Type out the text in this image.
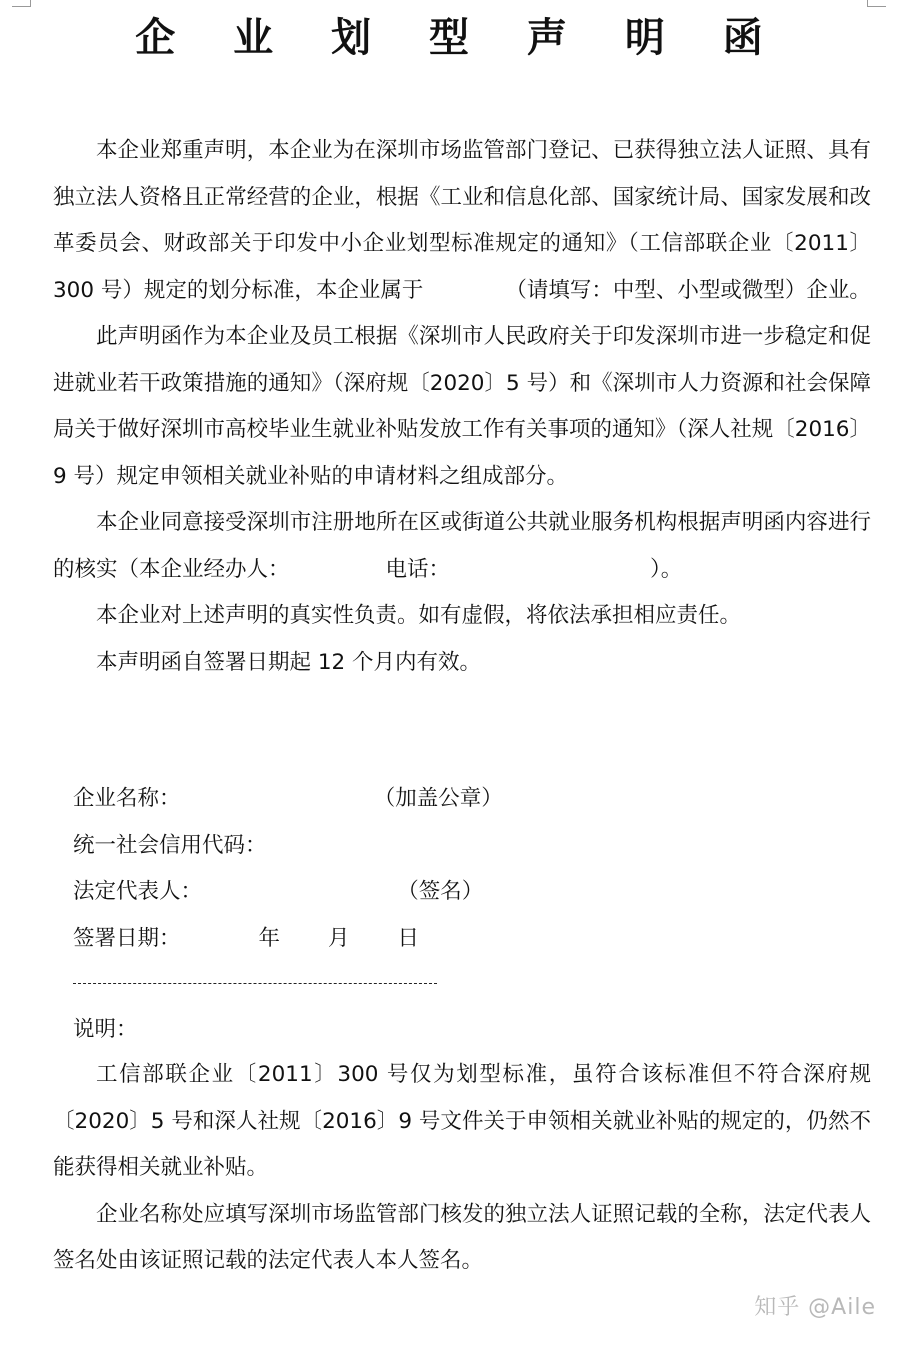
企 业 划 型 声 明 函

本企业郑重声明，本企业为在深圳市场监管部门登记、已获得独立法人证照、具有独立法人资格且正常经营的企业，根据《工业和信息化部、国家统计局、国家发展和改革委员会、财政部关于印发中小企业划型标准规定的通知》（工信部联企业〔2011〕300 号）规定的划分标准，本企业属于	（请填写：中型、小型或微型）企业。

此声明函作为本企业及员工根据《深圳市人民政府关于印发深圳市进一步稳定和促进就业若干政策措施的通知》（深府规〔2020〕5 号）和《深圳市人力资源和社会保障局关于做好深圳市高校毕业生就业补贴发放工作有关事项的通知》（深人社规〔2016〕9 号）规定申领相关就业补贴的申请材料之组成部分。

本企业同意接受深圳市注册地所在区或街道公共就业服务机构根据声明函内容进行的核实（本企业经办人：	电话：	）。

本企业对上述声明的真实性负责。如有虚假，将依法承担相应责任。

本声明函自签署日期起 12 个月内有效。

企业名称：	（加盖公章）
统一社会信用代码：
法定代表人：	（签名）
签署日期：	年 月 日
说明：

工信部联企业〔2011〕300 号仅为划型标准，虽符合该标准但不符合深府规〔2020〕5 号和深人社规〔2016〕9 号文件关于申领相关就业补贴的规定的，仍然不能获得相关就业补贴。

企业名称处应填写深圳市场监管部门核发的独立法人证照记载的全称，法定代表人签名处由该证照记载的法定代表人本人签名。

知乎 @Aile
